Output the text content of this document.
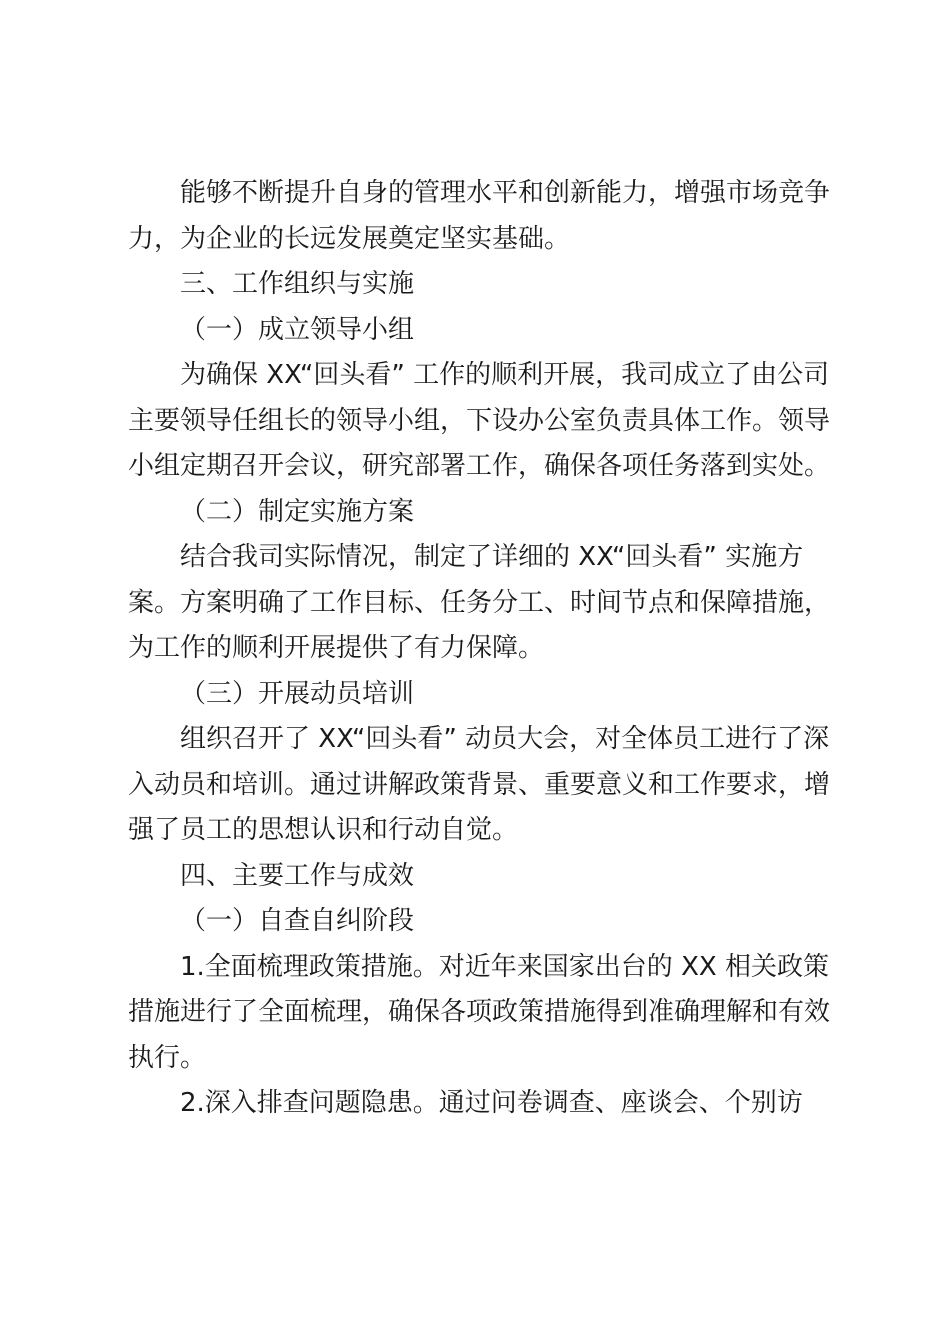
能够不断提升自身的管理水平和创新能力，增强市场竞争
力，为企业的长远发展奠定坚实基础。

三、工作组织与实施

（一）成立领导小组

为确保 XX“回头看” 工作的顺利开展，我司成立了由公司
主要领导任组长的领导小组，下设办公室负责具体工作。领导
小组定期召开会议，研究部署工作，确保各项任务落到实处。

（二）制定实施方案

结合我司实际情况，制定了详细的 XX“回头看” 实施方
案。方案明确了工作目标、任务分工、时间节点和保障措施，
为工作的顺利开展提供了有力保障。

（三）开展动员培训

组织召开了 XX“回头看” 动员大会，对全体员工进行了深
入动员和培训。通过讲解政策背景、重要意义和工作要求，增
强了员工的思想认识和行动自觉。

四、主要工作与成效

（一）自查自纠阶段

1.全面梳理政策措施。对近年来国家出台的 XX 相关政策
措施进行了全面梳理，确保各项政策措施得到准确理解和有效
执行。

2.深入排查问题隐患。通过问卷调查、座谈会、个别访
